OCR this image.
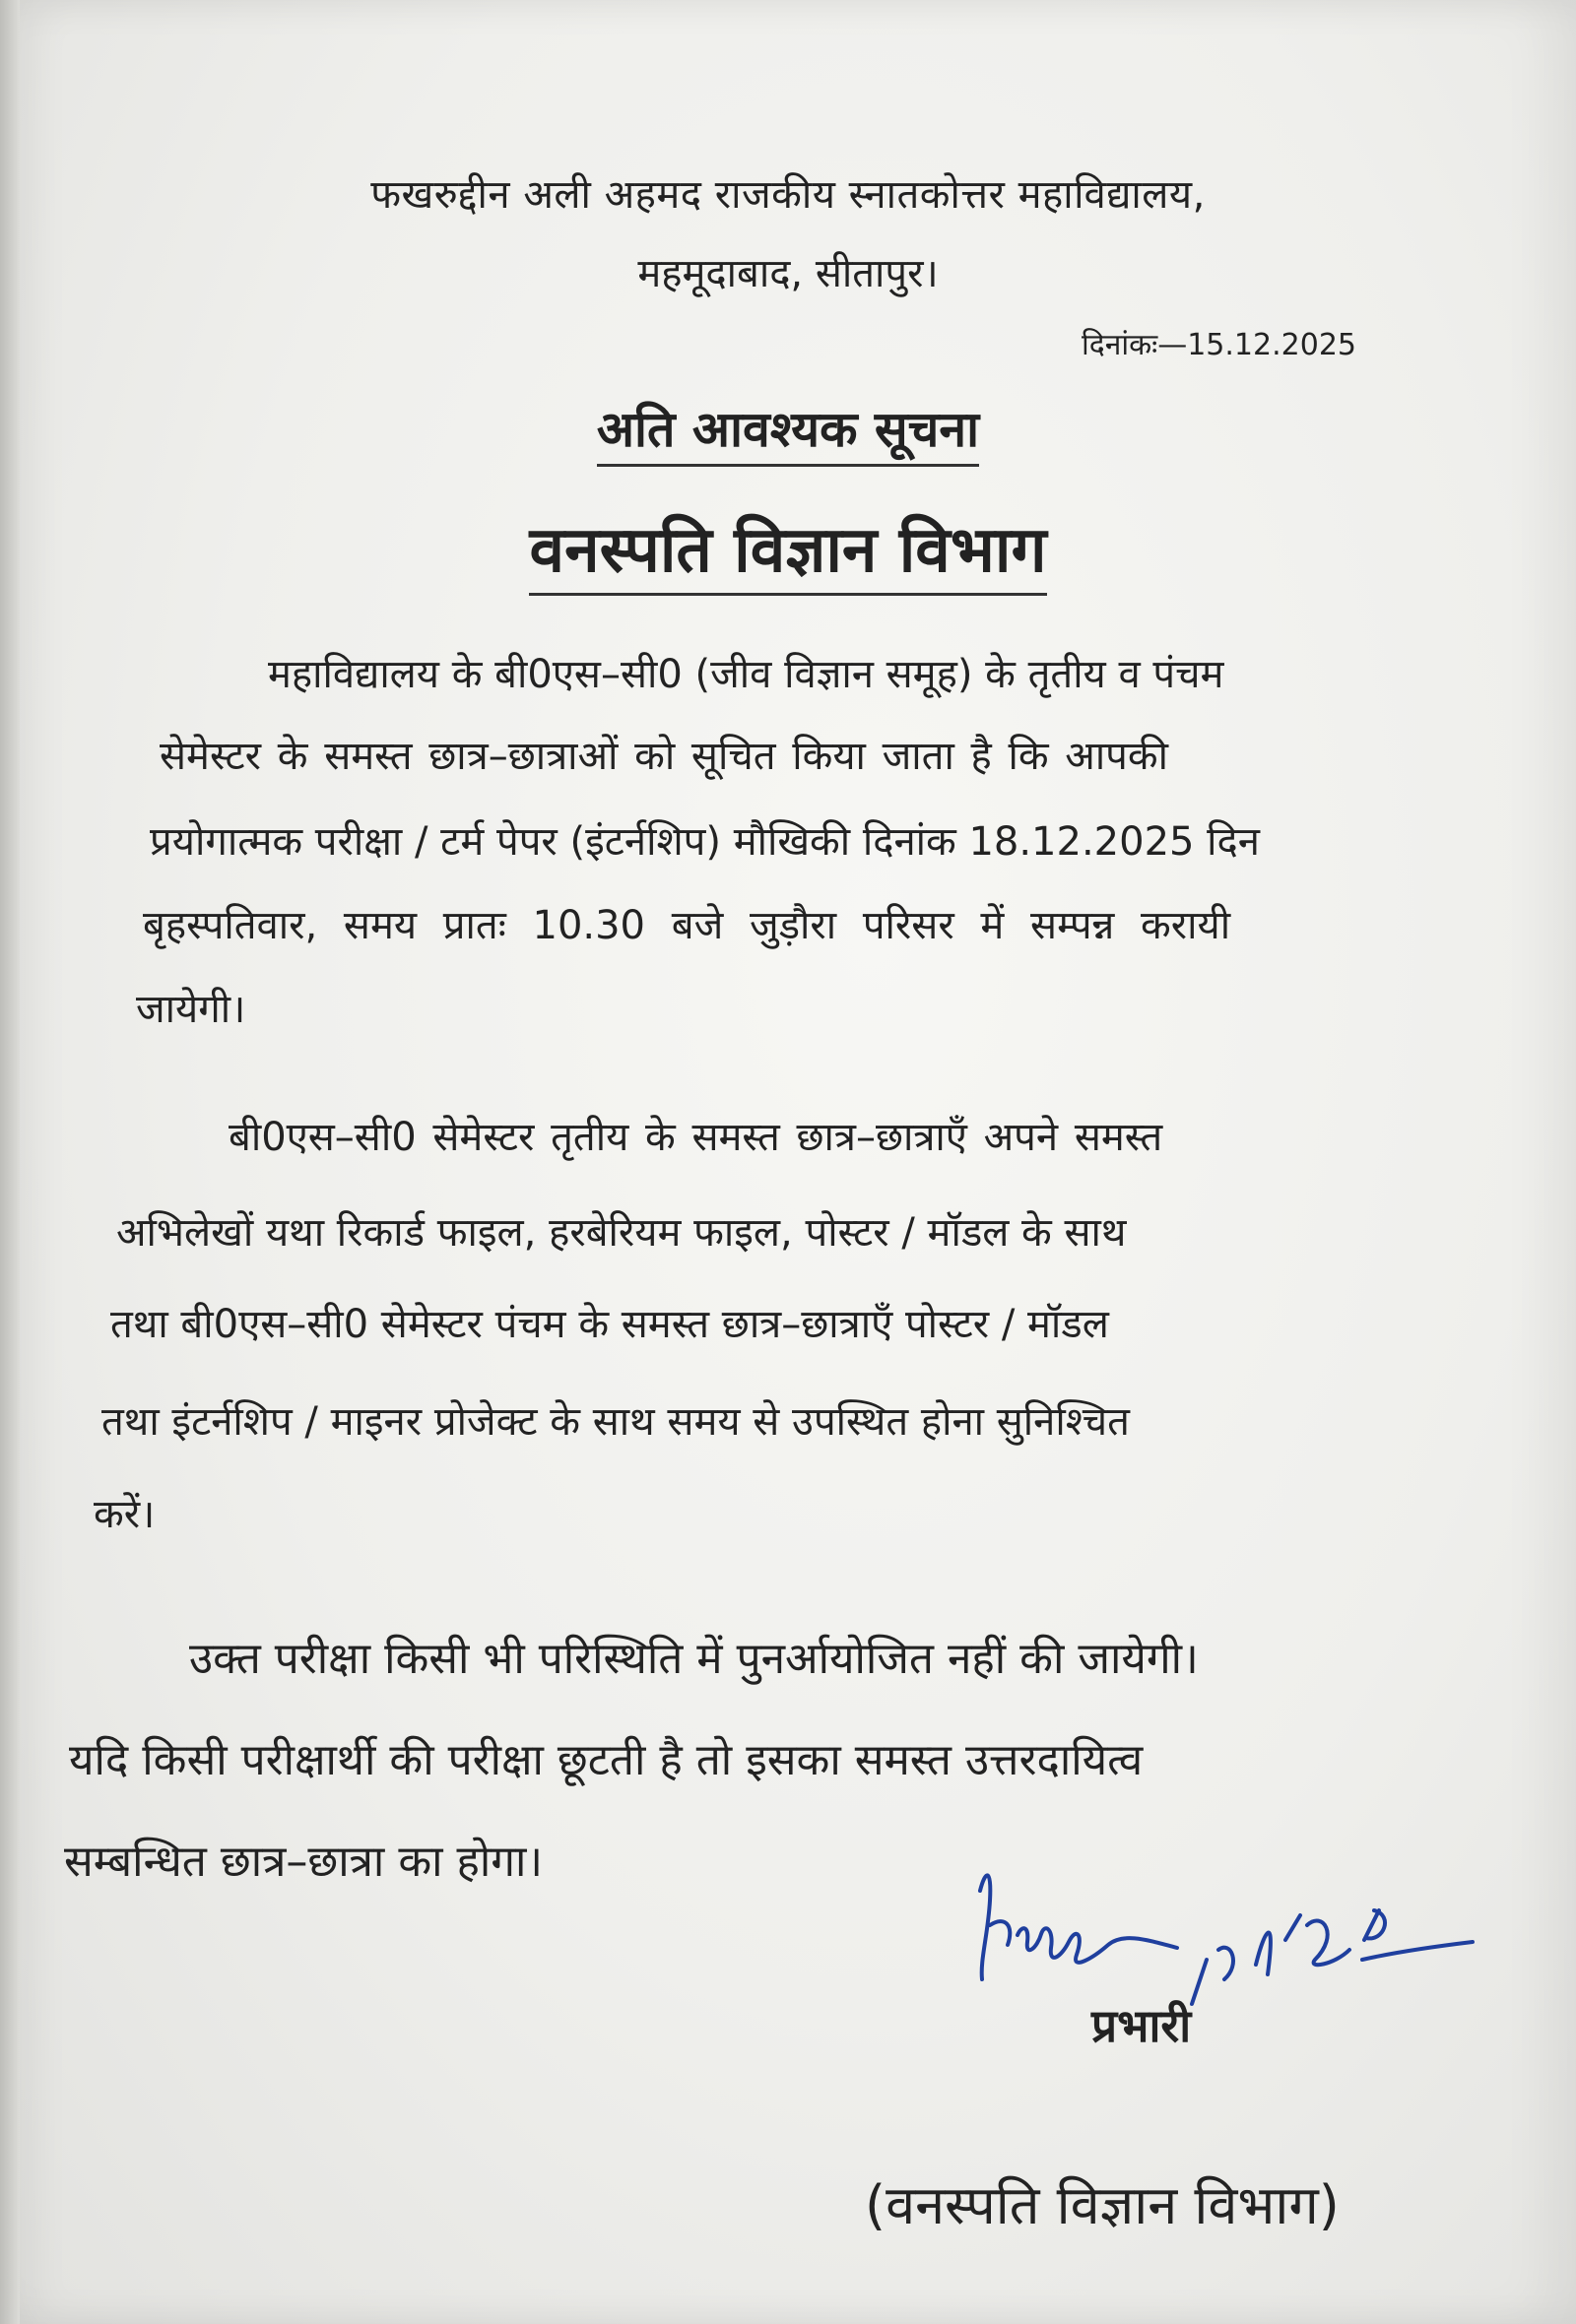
फखरुद्दीन अली अहमद राजकीय स्नातकोत्तर महाविद्यालय,

महमूदाबाद, सीतापुर।

दिनांकः—15.12.2025

अति आवश्यक सूचना

वनस्पति विज्ञान विभाग

महाविद्यालय के बी0एस–सी0 (जीव विज्ञान समूह) के तृतीय व पंचम
सेमेस्टर के समस्त छात्र–छात्राओं को सूचित किया जाता है कि आपकी
प्रयोगात्मक परीक्षा / टर्म पेपर (इंटर्नशिप) मौखिकी दिनांक 18.12.2025 दिन
बृहस्पतिवार, समय प्रातः 10.30 बजे जुड़ौरा परिसर में सम्पन्न करायी
जायेगी।
बी0एस–सी0 सेमेस्टर तृतीय के समस्त छात्र–छात्राएँ अपने समस्त
अभिलेखों यथा रिकार्ड फाइल, हरबेरियम फाइल, पोस्टर / मॉडल के साथ
तथा बी0एस–सी0 सेमेस्टर पंचम के समस्त छात्र–छात्राएँ पोस्टर / मॉडल
तथा इंटर्नशिप / माइनर प्रोजेक्ट के साथ समय से उपस्थित होना सुनिश्चित
करें।
उक्त परीक्षा किसी भी परिस्थिति में पुनर्आयोजित नहीं की जायेगी।
यदि किसी परीक्षार्थी की परीक्षा छूटती है तो इसका समस्त उत्तरदायित्व
सम्बन्धित छात्र–छात्रा का होगा।

प्रभारी

(वनस्पति विज्ञान विभाग)
